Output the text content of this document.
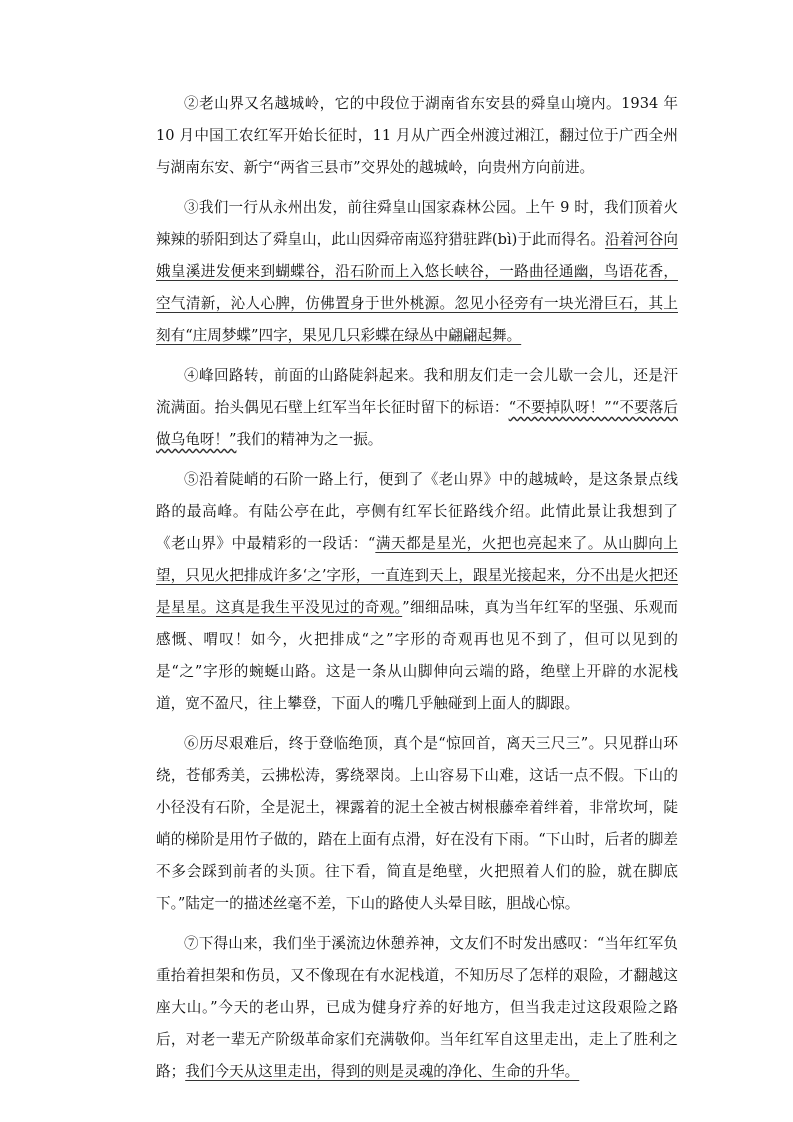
②老山界又名越城岭，它的中段位于湖南省东安县的舜皇山境内。1934 年 10 月中国工农红军开始长征时，11 月从广西全州渡过湘江，翻过位于广西全州与湖南东安、新宁“两省三县市”交界处的越城岭，向贵州方向前进。

③我们一行从永州出发，前往舜皇山国家森林公园。上午 9 时，我们顶着火辣辣的骄阳到达了舜皇山，此山因舜帝南巡狩猎驻跸(bì)于此而得名。沿着河谷向娥皇溪进发便来到蝴蝶谷，沿石阶而上入悠长峡谷，一路曲径通幽，鸟语花香，空气清新，沁人心脾，仿佛置身于世外桃源。忽见小径旁有一块光滑巨石，其上刻有“庄周梦蝶”四字，果见几只彩蝶在绿丛中翩翩起舞。

④峰回路转，前面的山路陡斜起来。我和朋友们走一会儿歇一会儿，还是汗流满面。抬头偶见石壁上红军当年长征时留下的标语：“不要掉队呀！”“不要落后做乌龟呀！”我们的精神为之一振。

⑤沿着陡峭的石阶一路上行，便到了《老山界》中的越城岭，是这条景点线路的最高峰。有陆公亭在此，亭侧有红军长征路线介绍。此情此景让我想到了《老山界》中最精彩的一段话：“满天都是星光，火把也亮起来了。从山脚向上望，只见火把排成许多‘之’字形，一直连到天上，跟星光接起来，分不出是火把还是星星。这真是我生平没见过的奇观。”细细品味，真为当年红军的坚强、乐观而感慨、喟叹！如今，火把排成“之”字形的奇观再也见不到了，但可以见到的是“之”字形的蜿蜒山路。这是一条从山脚伸向云端的路，绝壁上开辟的水泥栈道，宽不盈尺，往上攀登，下面人的嘴几乎触碰到上面人的脚跟。

⑥历尽艰难后，终于登临绝顶，真个是“惊回首，离天三尺三”。只见群山环绕，苍郁秀美，云拂松涛，雾绕翠岗。上山容易下山难，这话一点不假。下山的小径没有石阶，全是泥土，裸露着的泥土全被古树根藤牵着绊着，非常坎坷，陡峭的梯阶是用竹子做的，踏在上面有点滑，好在没有下雨。“下山时，后者的脚差不多会踩到前者的头顶。往下看，简直是绝壁，火把照着人们的脸，就在脚底下。”陆定一的描述丝毫不差，下山的路使人头晕目眩，胆战心惊。

⑦下得山来，我们坐于溪流边休憩养神，文友们不时发出感叹：“当年红军负重抬着担架和伤员，又不像现在有水泥栈道，不知历尽了怎样的艰险，才翻越这座大山。”今天的老山界，已成为健身疗养的好地方，但当我走过这段艰险之路后，对老一辈无产阶级革命家们充满敬仰。当年红军自这里走出，走上了胜利之路；我们今天从这里走出，得到的则是灵魂的净化、生命的升华。
